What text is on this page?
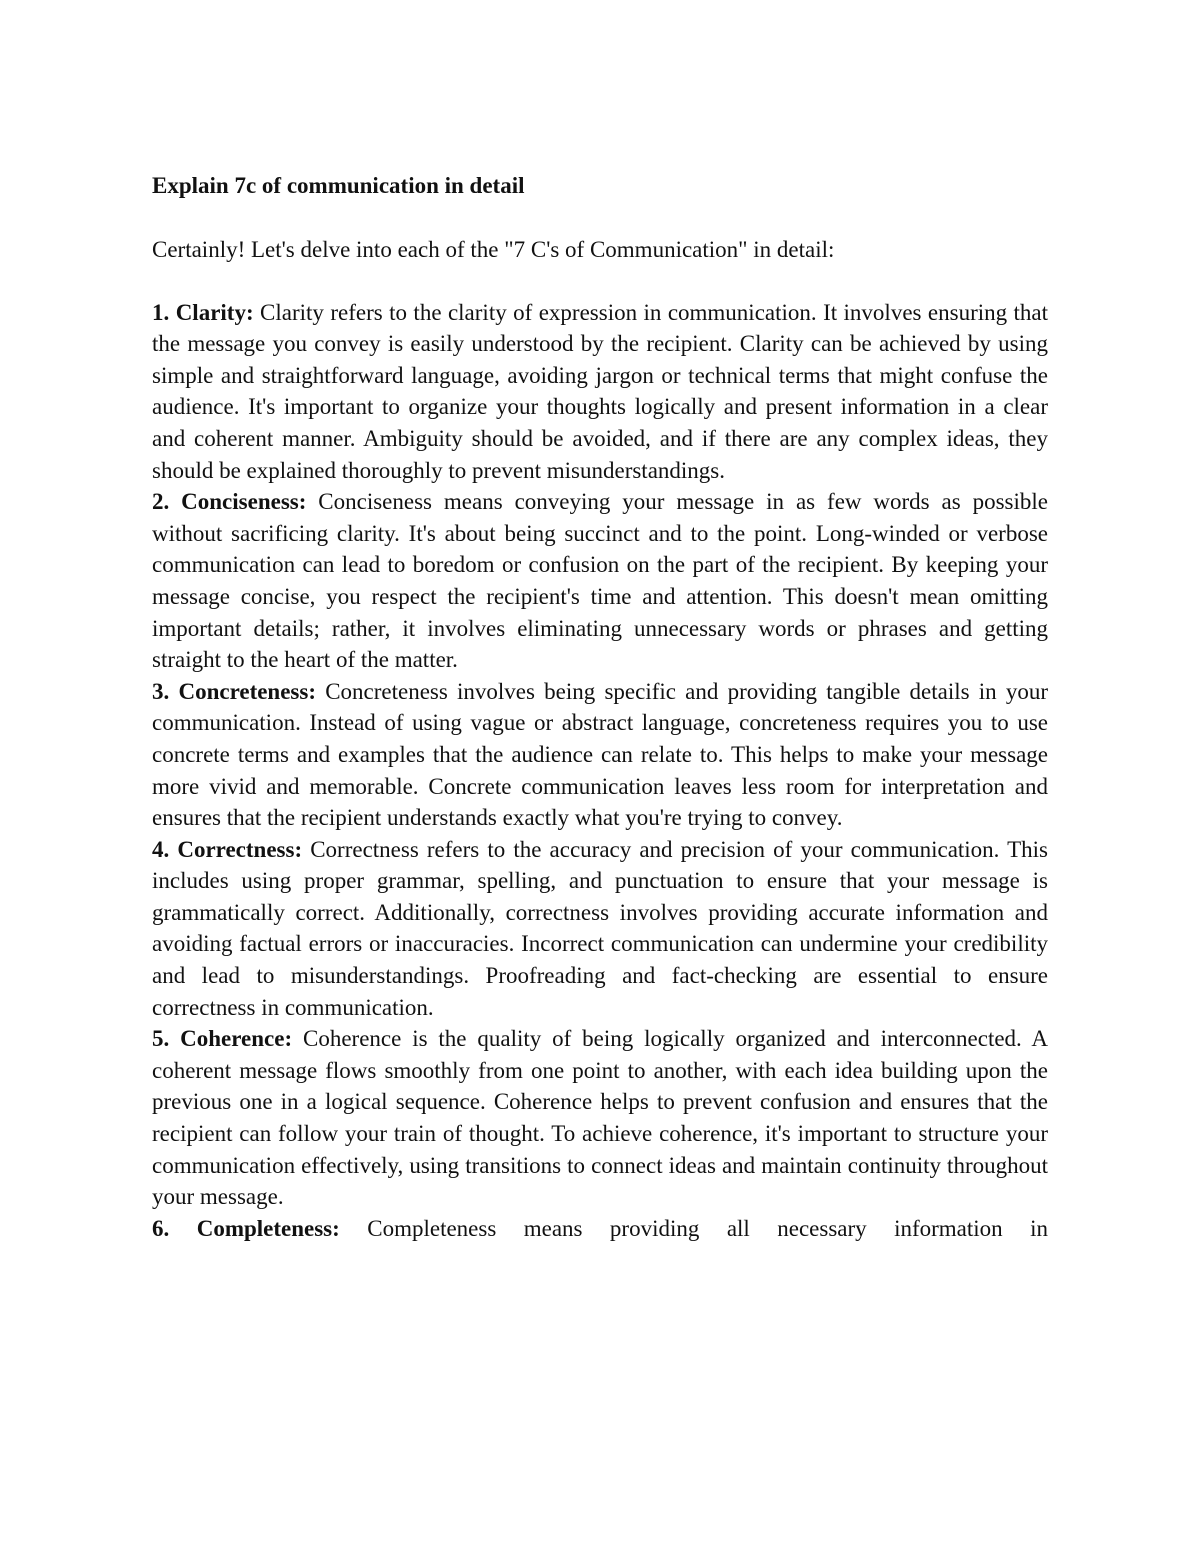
Explain 7c of communication in detail

Certainly! Let's delve into each of the "7 C's of Communication" in detail:

1. Clarity: Clarity refers to the clarity of expression in communication. It involves ensuring that the message you convey is easily understood by the recipient. Clarity can be achieved by using simple and straightforward language, avoiding jargon or technical terms that might confuse the audience. It's important to organize your thoughts logically and present information in a clear and coherent manner. Ambiguity should be avoided, and if there are any complex ideas, they should be explained thoroughly to prevent misunderstandings.

2. Conciseness: Conciseness means conveying your message in as few words as possible without sacrificing clarity. It's about being succinct and to the point. Long-winded or verbose communication can lead to boredom or confusion on the part of the recipient. By keeping your message concise, you respect the recipient's time and attention. This doesn't mean omitting important details; rather, it involves eliminating unnecessary words or phrases and getting straight to the heart of the matter.

3. Concreteness: Concreteness involves being specific and providing tangible details in your communication. Instead of using vague or abstract language, concreteness requires you to use concrete terms and examples that the audience can relate to. This helps to make your message more vivid and memorable. Concrete communication leaves less room for interpretation and ensures that the recipient understands exactly what you're trying to convey.

4. Correctness: Correctness refers to the accuracy and precision of your communication. This includes using proper grammar, spelling, and punctuation to ensure that your message is grammatically correct. Additionally, correctness involves providing accurate information and avoiding factual errors or inaccuracies. Incorrect communication can undermine your credibility and lead to misunderstandings. Proofreading and fact-checking are essential to ensure correctness in communication.

5. Coherence: Coherence is the quality of being logically organized and interconnected. A coherent message flows smoothly from one point to another, with each idea building upon the previous one in a logical sequence. Coherence helps to prevent confusion and ensures that the recipient can follow your train of thought. To achieve coherence, it's important to structure your communication effectively, using transitions to connect ideas and maintain continuity throughout your message.

6. Completeness: Completeness means providing all necessary information in
